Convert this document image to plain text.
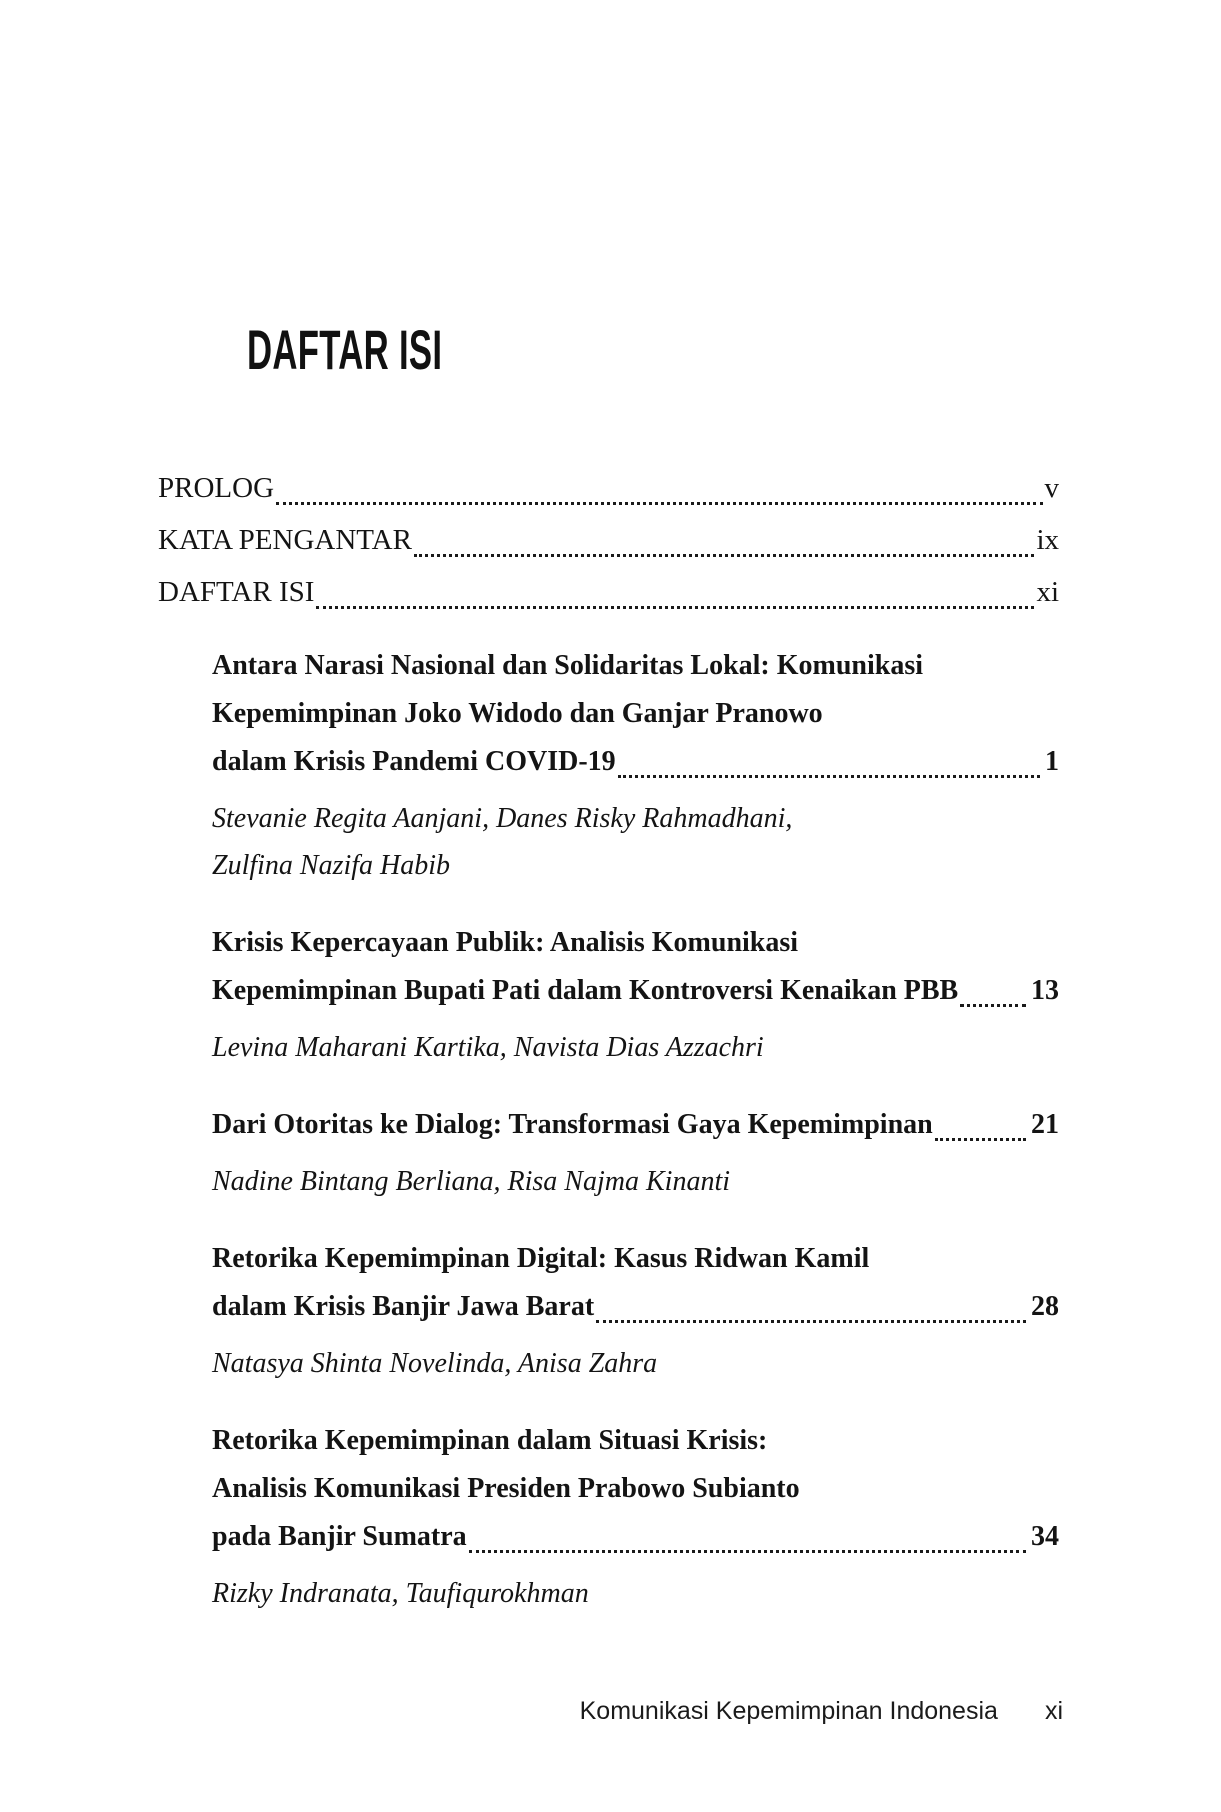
DAFTAR ISI
PROLOG	v
KATA PENGANTAR	ix
DAFTAR ISI	xi
Antara Narasi Nasional dan Solidaritas Lokal: Komunikasi
Kepemimpinan Joko Widodo dan Ganjar Pranowo
dalam Krisis Pandemi COVID-19	1
Stevanie Regita Aanjani, Danes Risky Rahmadhani,
Zulfina Nazifa Habib
Krisis Kepercayaan Publik: Analisis Komunikasi
Kepemimpinan Bupati Pati dalam Kontroversi Kenaikan PBB	13
Levina Maharani Kartika, Navista Dias Azzachri
Dari Otoritas ke Dialog: Transformasi Gaya Kepemimpinan	21
Nadine Bintang Berliana, Risa Najma Kinanti
Retorika Kepemimpinan Digital: Kasus Ridwan Kamil
dalam Krisis Banjir Jawa Barat	28
Natasya Shinta Novelinda, Anisa Zahra
Retorika Kepemimpinan dalam Situasi Krisis:
Analisis Komunikasi Presiden Prabowo Subianto
pada Banjir Sumatra	34
Rizky Indranata, Taufiqurokhman
Komunikasi Kepemimpinan Indonesia xi
